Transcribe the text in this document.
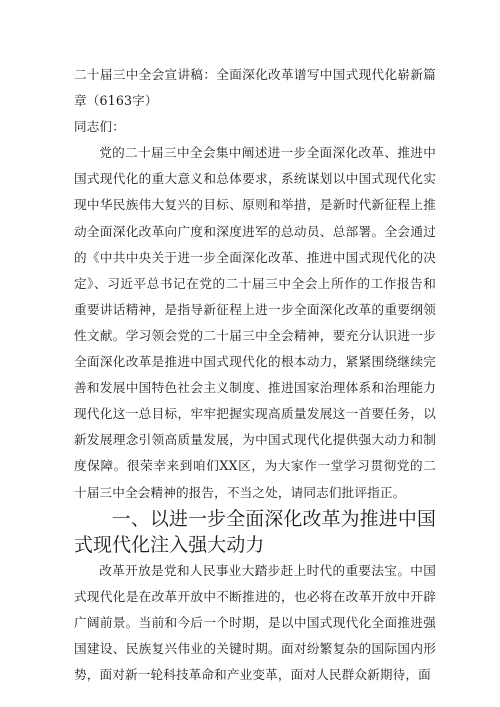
二十届三中全会宣讲稿：全面深化改革谱写中国式现代化崭新篇章（6163字）

同志们：

党的二十届三中全会集中阐述进一步全面深化改革、推进中国式现代化的重大意义和总体要求，系统谋划以中国式现代化实现中华民族伟大复兴的目标、原则和举措，是新时代新征程上推动全面深化改革向广度和深度进军的总动员、总部署。全会通过的《中共中央关于进一步全面深化改革、推进中国式现代化的决定》、习近平总书记在党的二十届三中全会上所作的工作报告和重要讲话精神，是指导新征程上进一步全面深化改革的重要纲领性文献。学习领会党的二十届三中全会精神，要充分认识进一步全面深化改革是推进中国式现代化的根本动力，紧紧围绕继续完善和发展中国特色社会主义制度、推进国家治理体系和治理能力现代化这一总目标，牢牢把握实现高质量发展这一首要任务，以新发展理念引领高质量发展，为中国式现代化提供强大动力和制度保障。很荣幸来到咱们XX区，为大家作一堂学习贯彻党的二十届三中全会精神的报告，不当之处，请同志们批评指正。

一、以进一步全面深化改革为推进中国式现代化注入强大动力

改革开放是党和人民事业大踏步赶上时代的重要法宝。中国式现代化是在改革开放中不断推进的，也必将在改革开放中开辟广阔前景。当前和今后一个时期，是以中国式现代化全面推进强国建设、民族复兴伟业的关键时期。面对纷繁复杂的国际国内形势，面对新一轮科技革命和产业变革，面对人民群众新期待，面
